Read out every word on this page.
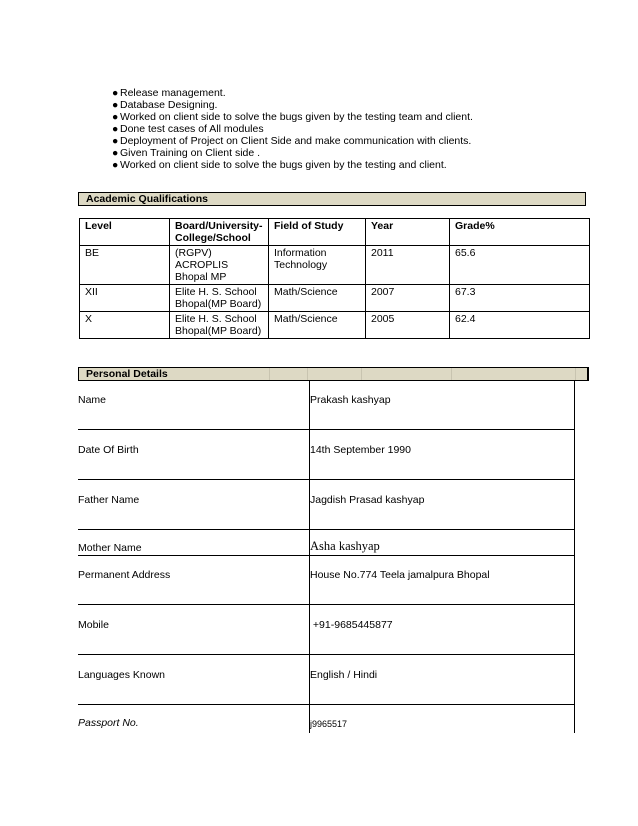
● Release management.
● Database Designing.
● Worked on client side to solve the bugs given by the testing team and client.
● Done test cases of All modules
● Deployment of Project on Client Side and make communication with clients.
● Given Training on Client side .
● Worked on client side to solve the bugs given by the testing and client.
Academic Qualifications
Level	Board/University-College/School	Field of Study	Year	Grade%
BE	(RGPV) ACROPLIS Bhopal MP	Information Technology	2011	65.6
XII	Elite H. S. School Bhopal(MP Board)	Math/Science	2007	67.3
X	Elite H. S. School Bhopal(MP Board)	Math/Science	2005	62.4
Personal Details
Name	Prakash kashyap
Date Of Birth	14th September 1990
Father Name	Jagdish Prasad kashyap
Mother Name	Asha kashyap
Permanent Address	House No.774 Teela jamalpura Bhopal
Mobile	+91-9685445877
Languages Known	English / Hindi
Passport No.	j9965517
